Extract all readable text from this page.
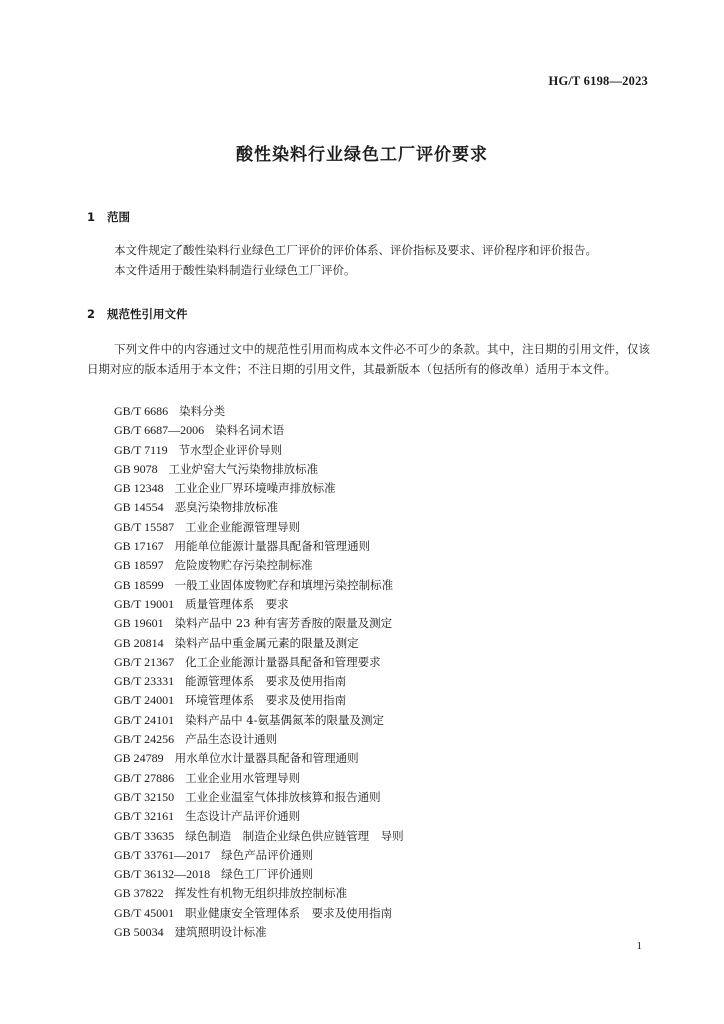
HG/T 6198—2023
酸性染料行业绿色工厂评价要求
1 范围

本文件规定了酸性染料行业绿色工厂评价的评价体系、评价指标及要求、评价程序和评价报告。

本文件适用于酸性染料制造行业绿色工厂评价。

2 规范性引用文件

下列文件中的内容通过文中的规范性引用而构成本文件必不可少的条款。其中，注日期的引用文件，仅该日期对应的版本适用于本文件；不注日期的引用文件，其最新版本（包括所有的修改单）适用于本文件。

GB/T 6686 染料分类
GB/T 6687—2006 染料名词术语
GB/T 7119 节水型企业评价导则
GB 9078 工业炉窑大气污染物排放标准
GB 12348 工业企业厂界环境噪声排放标准
GB 14554 恶臭污染物排放标准
GB/T 15587 工业企业能源管理导则
GB 17167 用能单位能源计量器具配备和管理通则
GB 18597 危险废物贮存污染控制标准
GB 18599 一般工业固体废物贮存和填埋污染控制标准
GB/T 19001 质量管理体系　要求
GB 19601 染料产品中 23 种有害芳香胺的限量及测定
GB 20814 染料产品中重金属元素的限量及测定
GB/T 21367 化工企业能源计量器具配备和管理要求
GB/T 23331 能源管理体系　要求及使用指南
GB/T 24001 环境管理体系　要求及使用指南
GB/T 24101 染料产品中 4-氨基偶氮苯的限量及测定
GB/T 24256 产品生态设计通则
GB 24789 用水单位水计量器具配备和管理通则
GB/T 27886 工业企业用水管理导则
GB/T 32150 工业企业温室气体排放核算和报告通则
GB/T 32161 生态设计产品评价通则
GB/T 33635 绿色制造　制造企业绿色供应链管理　导则
GB/T 33761—2017 绿色产品评价通则
GB/T 36132—2018 绿色工厂评价通则
GB 37822 挥发性有机物无组织排放控制标准
GB/T 45001 职业健康安全管理体系　要求及使用指南
GB 50034 建筑照明设计标准
1
